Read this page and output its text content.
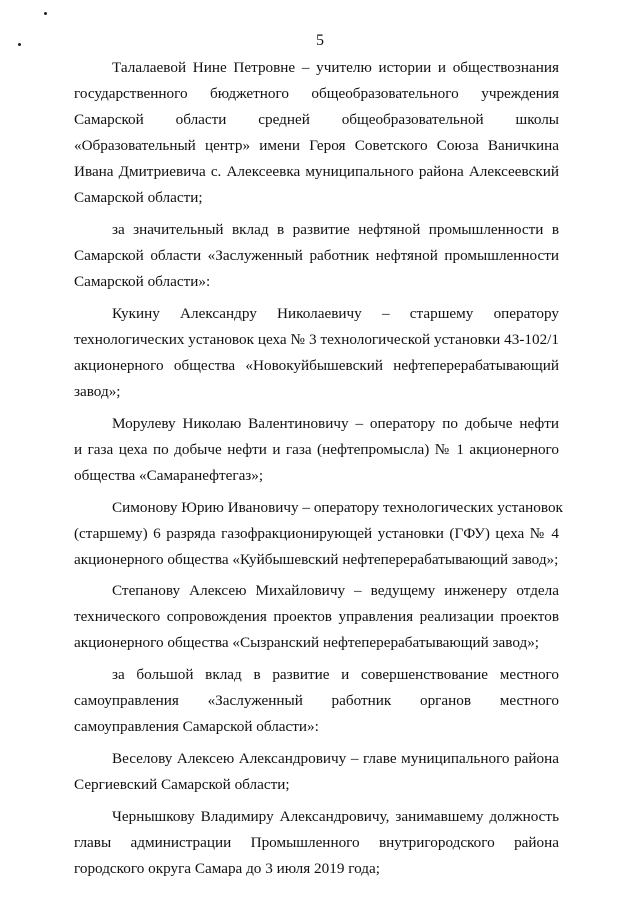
5
Талалаевой Нине Петровне – учителю истории и обществознания
государственного бюджетного общеобразовательного учреждения
Самарской области средней общеобразовательной школы
«Образовательный центр» имени Героя Советского Союза Ваничкина
Ивана Дмитриевича с. Алексеевка муниципального района Алексеевский
Самарской области;
за значительный вклад в развитие нефтяной промышленности в
Самарской области «Заслуженный работник нефтяной промышленности
Самарской области»:
Кукину Александру Николаевичу – старшему оператору
технологических установок цеха № 3 технологической установки 43-102/1
акционерного общества «Новокуйбышевский нефтеперерабатывающий
завод»;
Морулеву Николаю Валентиновичу – оператору по добыче нефти
и газа цеха по добыче нефти и газа (нефтепромысла) № 1 акционерного
общества «Самаранефтегаз»;
Симонову Юрию Ивановичу – оператору технологических установок
(старшему) 6 разряда газофракционирующей установки (ГФУ) цеха № 4
акционерного общества «Куйбышевский нефтеперерабатывающий завод»;
Степанову Алексею Михайловичу – ведущему инженеру отдела
технического сопровождения проектов управления реализации проектов
акционерного общества «Сызранский нефтеперерабатывающий завод»;
за большой вклад в развитие и совершенствование местного
самоуправления «Заслуженный работник органов местного
самоуправления Самарской области»:
Веселову Алексею Александровичу – главе муниципального района
Сергиевский Самарской области;
Чернышкову Владимиру Александровичу, занимавшему должность
главы администрации Промышленного внутригородского района
городского округа Самара до 3 июля 2019 года;
